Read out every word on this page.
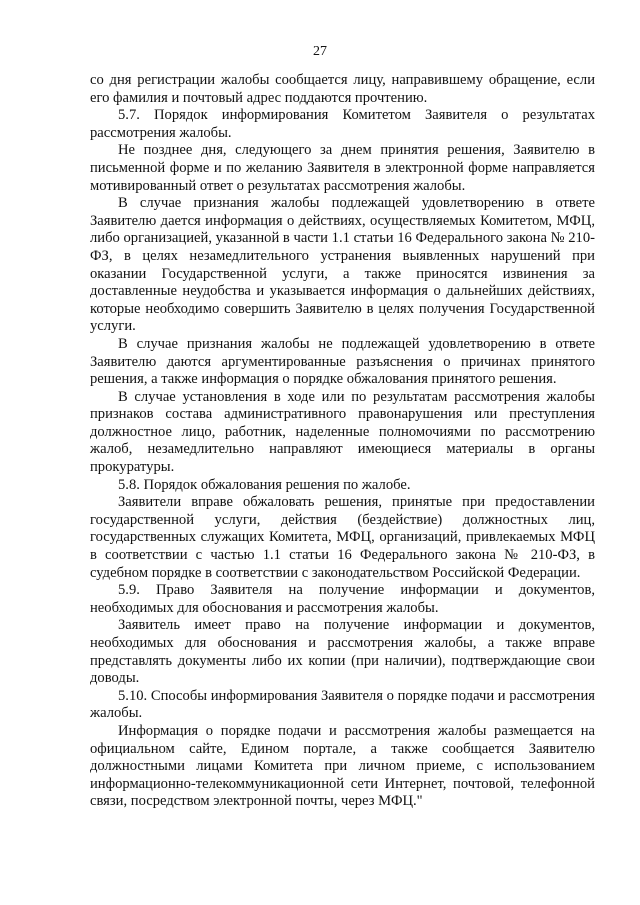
27

со дня регистрации жалобы сообщается лицу, направившему обращение, если его фамилия и почтовый адрес поддаются прочтению.

5.7. Порядок информирования Комитетом Заявителя о результатах рассмотрения жалобы.

Не позднее дня, следующего за днем принятия решения, Заявителю в письменной форме и по желанию Заявителя в электронной форме направляется мотивированный ответ о результатах рассмотрения жалобы.

В случае признания жалобы подлежащей удовлетворению в ответе Заявителю дается информация о действиях, осуществляемых Комитетом, МФЦ, либо организацией, указанной в части 1.1 статьи 16 Федерального закона № 210-ФЗ, в целях незамедлительного устранения выявленных нарушений при оказании Государственной услуги, а также приносятся извинения за доставленные неудобства и указывается информация о дальнейших действиях, которые необходимо совершить Заявителю в целях получения Государственной услуги.

В случае признания жалобы не подлежащей удовлетворению в ответе Заявителю даются аргументированные разъяснения о причинах принятого решения, а также информация о порядке обжалования принятого решения.

В случае установления в ходе или по результатам рассмотрения жалобы признаков состава административного правонарушения или преступления должностное лицо, работник, наделенные полномочиями по рассмотрению жалоб, незамедлительно направляют имеющиеся материалы в органы прокуратуры.

5.8. Порядок обжалования решения по жалобе.

Заявители вправе обжаловать решения, принятые при предоставлении государственной услуги, действия (бездействие) должностных лиц, государственных служащих Комитета, МФЦ, организаций, привлекаемых МФЦ в соответствии с частью 1.1 статьи 16 Федерального закона № 210-ФЗ, в судебном порядке в соответствии с законодательством Российской Федерации.

5.9. Право Заявителя на получение информации и документов, необходимых для обоснования и рассмотрения жалобы.

Заявитель имеет право на получение информации и документов, необходимых для обоснования и рассмотрения жалобы, а также вправе представлять документы либо их копии (при наличии), подтверждающие свои доводы.

5.10. Способы информирования Заявителя о порядке подачи и рассмотрения жалобы.

Информация о порядке подачи и рассмотрения жалобы размещается на официальном сайте, Едином портале, а также сообщается Заявителю должностными лицами Комитета при личном приеме, с использованием информационно-телекоммуникационной сети Интернет, почтовой, телефонной связи, посредством электронной почты, через МФЦ."
